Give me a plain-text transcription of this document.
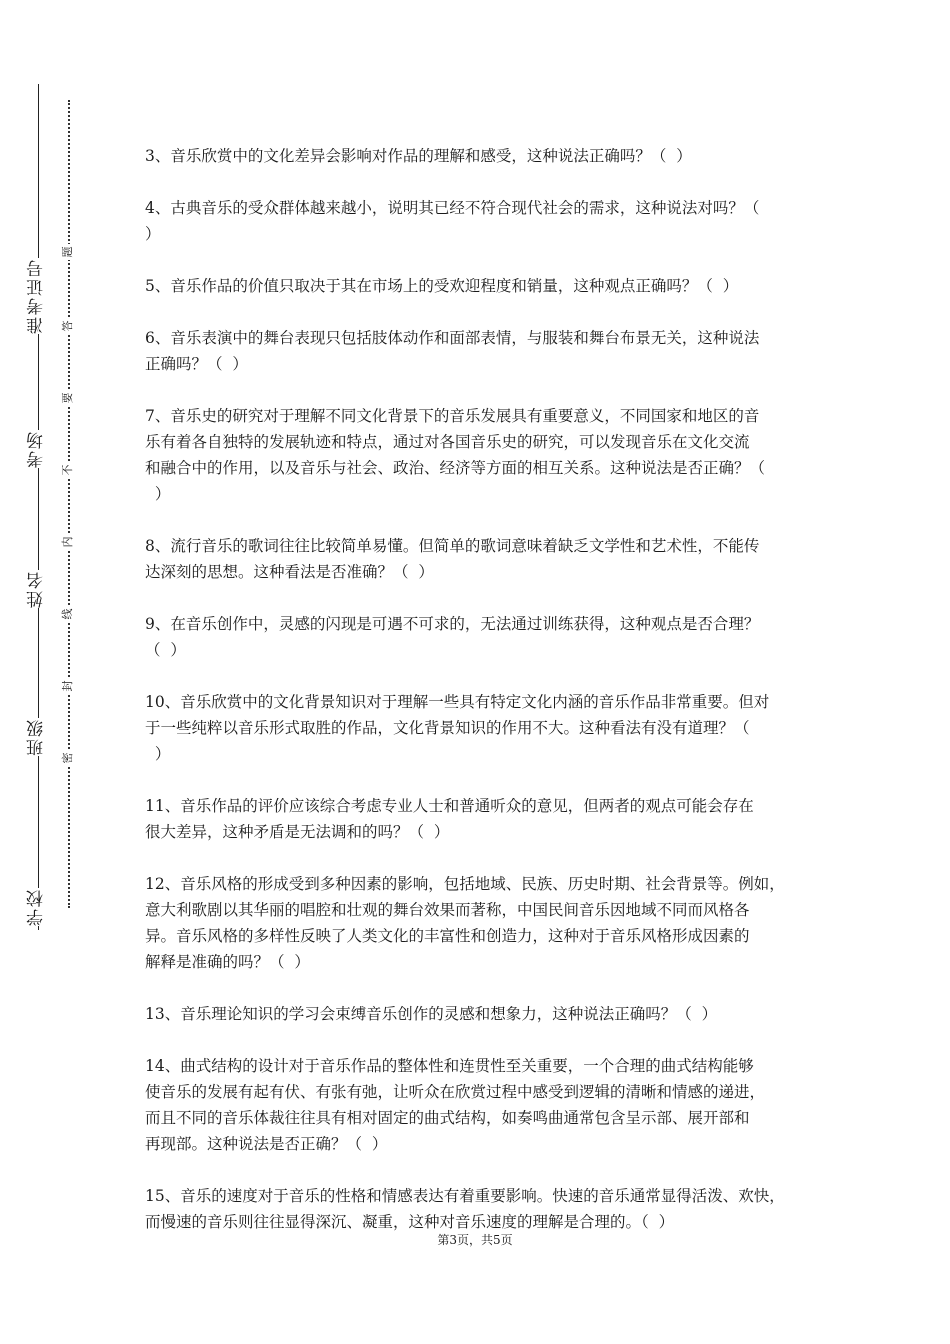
准考证号
考场
姓名
班级
学校
题
答
要
不
内
线
封
密

3、音乐欣赏中的文化差异会影响对作品的理解和感受，这种说法正确吗？（  ）

4、古典音乐的受众群体越来越小，说明其已经不符合现代社会的需求，这种说法对吗？（
）

5、音乐作品的价值只取决于其在市场上的受欢迎程度和销量，这种观点正确吗？（  ）

6、音乐表演中的舞台表现只包括肢体动作和面部表情，与服装和舞台布景无关，这种说法
正确吗？（  ）

7、音乐史的研究对于理解不同文化背景下的音乐发展具有重要意义，不同国家和地区的音
乐有着各自独特的发展轨迹和特点，通过对各国音乐史的研究，可以发现音乐在文化交流
和融合中的作用，以及音乐与社会、政治、经济等方面的相互关系。这种说法是否正确？（
）

8、流行音乐的歌词往往比较简单易懂。但简单的歌词意味着缺乏文学性和艺术性，不能传
达深刻的思想。这种看法是否准确？（  ）

9、在音乐创作中，灵感的闪现是可遇不可求的，无法通过训练获得，这种观点是否合理？
（  ）

10、音乐欣赏中的文化背景知识对于理解一些具有特定文化内涵的音乐作品非常重要。但对
于一些纯粹以音乐形式取胜的作品，文化背景知识的作用不大。这种看法有没有道理？（
）

11、音乐作品的评价应该综合考虑专业人士和普通听众的意见，但两者的观点可能会存在
很大差异，这种矛盾是无法调和的吗？（  ）

12、音乐风格的形成受到多种因素的影响，包括地域、民族、历史时期、社会背景等。例如，
意大利歌剧以其华丽的唱腔和壮观的舞台效果而著称，中国民间音乐因地域不同而风格各
异。音乐风格的多样性反映了人类文化的丰富性和创造力，这种对于音乐风格形成因素的
解释是准确的吗？（  ）

13、音乐理论知识的学习会束缚音乐创作的灵感和想象力，这种说法正确吗？（  ）

14、曲式结构的设计对于音乐作品的整体性和连贯性至关重要，一个合理的曲式结构能够
使音乐的发展有起有伏、有张有弛，让听众在欣赏过程中感受到逻辑的清晰和情感的递进，
而且不同的音乐体裁往往具有相对固定的曲式结构，如奏鸣曲通常包含呈示部、展开部和
再现部。这种说法是否正确？（  ）

15、音乐的速度对于音乐的性格和情感表达有着重要影响。快速的音乐通常显得活泼、欢快，
而慢速的音乐则往往显得深沉、凝重，这种对音乐速度的理解是合理的。（  ）

第3页，共5页
